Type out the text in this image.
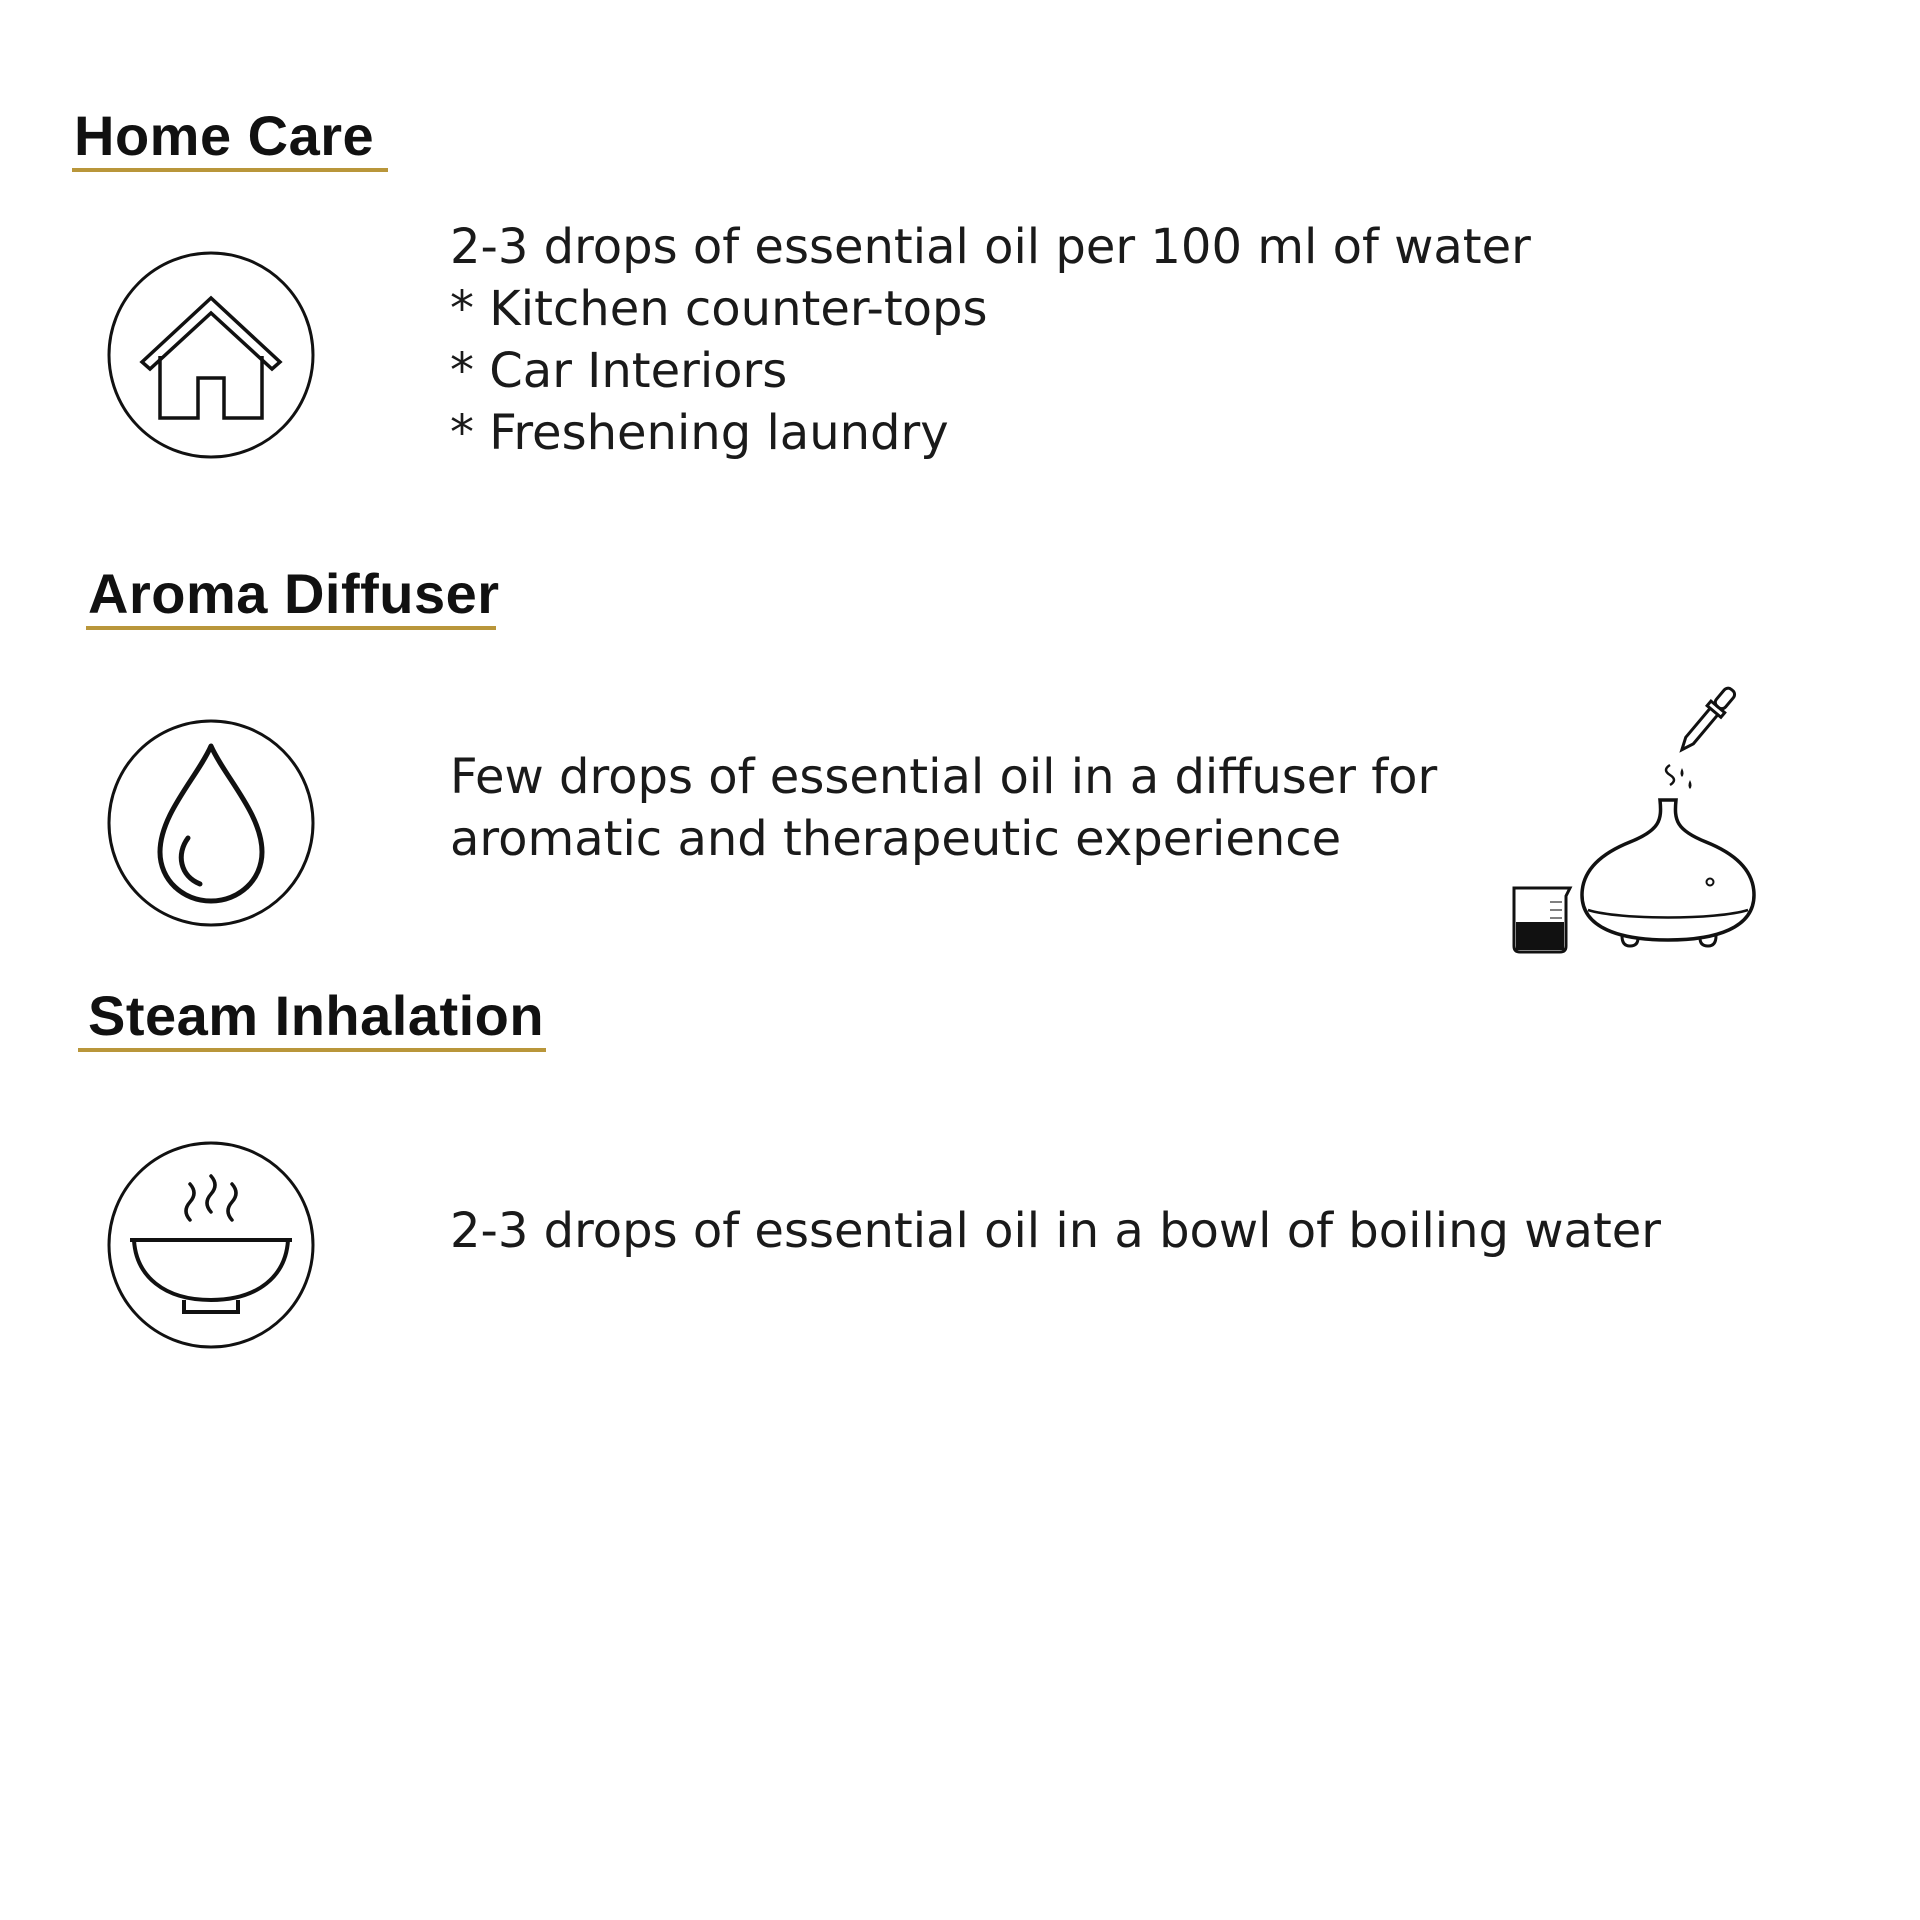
Home Care
2-3 drops of essential oil per 100 ml of water
* Kitchen counter-tops
* Car Interiors
* Freshening laundry
Aroma Diffuser
Few drops of essential oil in a diffuser for
aromatic and therapeutic experience
Steam Inhalation
2-3 drops of essential oil in a bowl of boiling water
